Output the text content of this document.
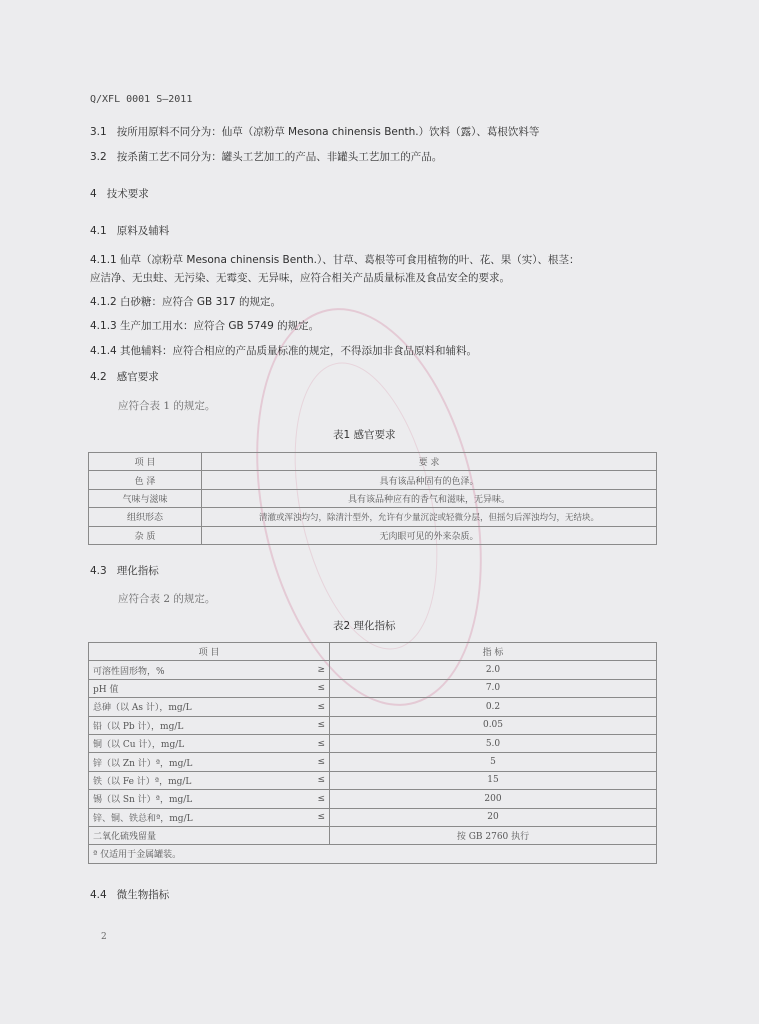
Q/XFL 0001 S—2011
3.1 按所用原料不同分为：仙草（凉粉草 Mesona chinensis Benth.）饮料（露）、葛根饮料等
3.2 按杀菌工艺不同分为：罐头工艺加工的产品、非罐头工艺加工的产品。
4 技术要求
4.1 原料及辅料
4.1.1 仙草（凉粉草 Mesona chinensis Benth.）、甘草、葛根等可食用植物的叶、花、果（实）、根茎：
应洁净、无虫蛀、无污染、无霉变、无异味，应符合相关产品质量标准及食品安全的要求。
4.1.2 白砂糖：应符合 GB 317 的规定。
4.1.3 生产加工用水：应符合 GB 5749 的规定。
4.1.4 其他辅料：应符合相应的产品质量标准的规定，不得添加非食品原料和辅料。
4.2 感官要求
应符合表 1 的规定。
表1 感官要求
项 目	要 求
色 泽	具有该品种固有的色泽。
气味与滋味	具有该品种应有的香气和滋味，无异味。
组织形态	清澈或浑浊均匀，除清汁型外，允许有少量沉淀或轻微分层，但摇匀后浑浊均匀，无结块。
杂 质	无肉眼可见的外来杂质。
4.3 理化指标
应符合表 2 的规定。
表2 理化指标
项 目		指 标
可溶性固形物，%	≥	2.0
pH 值	≤	7.0
总砷（以 As 计），mg/L	≤	0.2
铅（以 Pb 计），mg/L	≤	0.05
铜（以 Cu 计），mg/L	≤	5.0
锌（以 Zn 计）ª，mg/L	≤	5
铁（以 Fe 计）ª，mg/L	≤	15
锡（以 Sn 计）ª，mg/L	≤	200
锌、铜、铁总和ª，mg/L	≤	20
二氧化硫残留量		按 GB 2760 执行
ª 仅适用于金属罐装。		
4.4 微生物指标
2
